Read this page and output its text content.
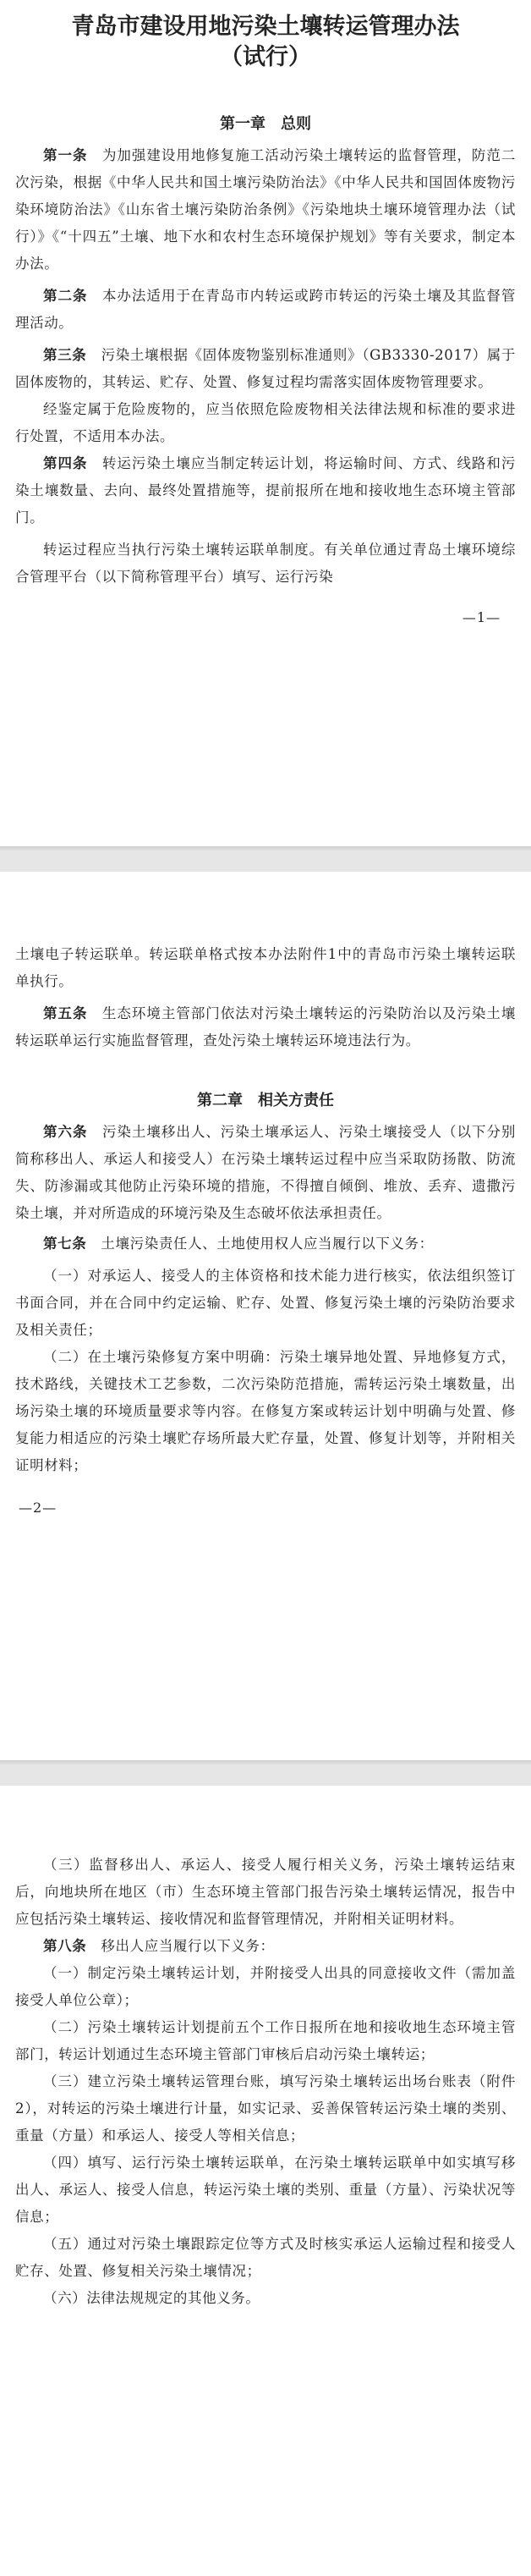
青岛市建设用地污染土壤转运管理办法
（试行）
第一章　总则

第一条　 为加强建设用地修复施工活动污染土壤转运的监督管理，防范二次污染，根据《中华人民共和国土壤污染防治法》《中华人民共和国固体废物污染环境防治法》《山东省土壤污染防治条例》《污染地块土壤环境管理办法（试行）》《“十四五”土壤、地下水和农村生态环境保护规划》等有关要求，制定本办法。

第二条　 本办法适用于在青岛市内转运或跨市转运的污染土壤及其监督管理活动。

第三条　 污染土壤根据《固体废物鉴别标准通则》（GB3330-2017）属于固体废物的，其转运、贮存、处置、修复过程均需落实固体废物管理要求。

经鉴定属于危险废物的，应当依照危险废物相关法律法规和标准的要求进行处置，不适用本办法。

第四条　 转运污染土壤应当制定转运计划，将运输时间、方式、线路和污染土壤数量、去向、最终处置措施等，提前报所在地和接收地生态环境主管部门。

转运过程应当执行污染土壤转运联单制度。有关单位通过青岛土壤环境综合管理平台（以下简称管理平台）填写、运行污染

—1—

土壤电子转运联单。转运联单格式按本办法附件1中的青岛市污染土壤转运联单执行。

第五条　 生态环境主管部门依法对污染土壤转运的污染防治以及污染土壤转运联单运行实施监督管理，查处污染土壤转运环境违法行为。

第二章　相关方责任

第六条　 污染土壤移出人、污染土壤承运人、污染土壤接受人（以下分别简称移出人、承运人和接受人）在污染土壤转运过程中应当采取防扬散、防流失、防渗漏或其他防止污染环境的措施，不得擅自倾倒、堆放、丢弃、遗撒污染土壤，并对所造成的环境污染及生态破坏依法承担责任。

第七条　 土壤污染责任人、土地使用权人应当履行以下义务：

（一）对承运人、接受人的主体资格和技术能力进行核实，依法组织签订书面合同，并在合同中约定运输、贮存、处置、修复污染土壤的污染防治要求及相关责任；

（二）在土壤污染修复方案中明确：污染土壤异地处置、异地修复方式，技术路线，关键技术工艺参数，二次污染防范措施，需转运污染土壤数量，出场污染土壤的环境质量要求等内容。在修复方案或转运计划中明确与处置、修复能力相适应的污染土壤贮存场所最大贮存量，处置、修复计划等，并附相关证明材料；

—2—

（三）监督移出人、承运人、接受人履行相关义务，污染土壤转运结束后，向地块所在地区（市）生态环境主管部门报告污染土壤转运情况，报告中应包括污染土壤转运、接收情况和监督管理情况，并附相关证明材料。

第八条　 移出人应当履行以下义务：

（一）制定污染土壤转运计划，并附接受人出具的同意接收文件（需加盖接受人单位公章）；

（二）污染土壤转运计划提前五个工作日报所在地和接收地生态环境主管部门，转运计划通过生态环境主管部门审核后启动污染土壤转运；

（三）建立污染土壤转运管理台账，填写污染土壤转运出场台账表（附件2），对转运的污染土壤进行计量，如实记录、妥善保管转运污染土壤的类别、重量（方量）和承运人、接受人等相关信息；

（四）填写、运行污染土壤转运联单，在污染土壤转运联单中如实填写移出人、承运人、接受人信息，转运污染土壤的类别、重量（方量）、污染状况等信息；

（五）通过对污染土壤跟踪定位等方式及时核实承运人运输过程和接受人贮存、处置、修复相关污染土壤情况；

（六）法律法规规定的其他义务。
